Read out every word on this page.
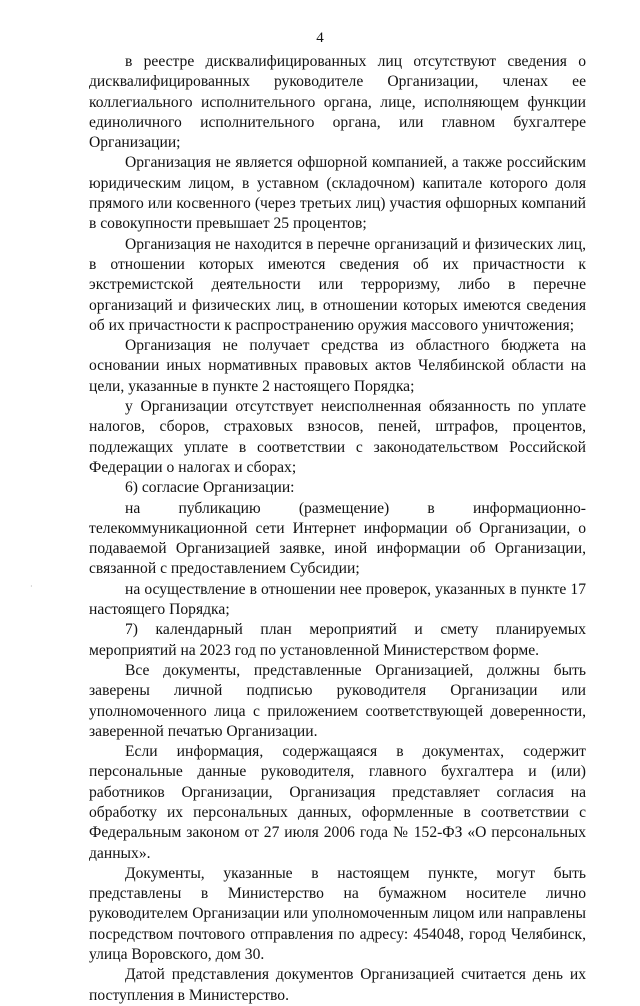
4
·

в реестре дисквалифицированных лиц отсутствуют сведения о дисквалифицированных руководителе Организации, членах ее коллегиального исполнительного органа, лице, исполняющем функции единоличного исполнительного органа, или главном бухгалтере Организации;

Организация не является офшорной компанией, а также российским юридическим лицом, в уставном (складочном) капитале которого доля прямого или косвенного (через третьих лиц) участия офшорных компаний в совокупности превышает 25 процентов;

Организация не находится в перечне организаций и физических лиц, в отношении которых имеются сведения об их причастности к экстремистской деятельности или терроризму, либо в перечне организаций и физических лиц, в отношении которых имеются сведения об их причастности к распространению оружия массового уничтожения;

Организация не получает средства из областного бюджета на основании иных нормативных правовых актов Челябинской области на цели, указанные в пункте 2 настоящего Порядка;

у Организации отсутствует неисполненная обязанность по уплате налогов, сборов, страховых взносов, пеней, штрафов, процентов, подлежащих уплате в соответствии с законодательством Российской Федерации о налогах и сборах;

6) согласие Организации:

на публикацию (размещение) в информационно-телекоммуникационной сети Интернет информации об Организации, о подаваемой Организацией заявке, иной информации об Организации, связанной с предоставлением Субсидии;

на осуществление в отношении нее проверок, указанных в пункте 17 настоящего Порядка;

7) календарный план мероприятий и смету планируемых мероприятий на 2023 год по установленной Министерством форме.

Все документы, представленные Организацией, должны быть заверены личной подписью руководителя Организации или уполномоченного лица с приложением соответствующей доверенности, заверенной печатью Организации.

Если информация, содержащаяся в документах, содержит персональные данные руководителя, главного бухгалтера и (или) работников Организации, Организация представляет согласия на обработку их персональных данных, оформленные в соответствии с Федеральным законом от 27 июля 2006 года № 152-ФЗ «О персональных данных».

Документы, указанные в настоящем пункте, могут быть представлены в Министерство на бумажном носителе лично руководителем Организации или уполномоченным лицом или направлены посредством почтового отправления по адресу: 454048, город Челябинск, улица Воровского, дом 30.

Датой представления документов Организацией считается день их поступления в Министерство.
